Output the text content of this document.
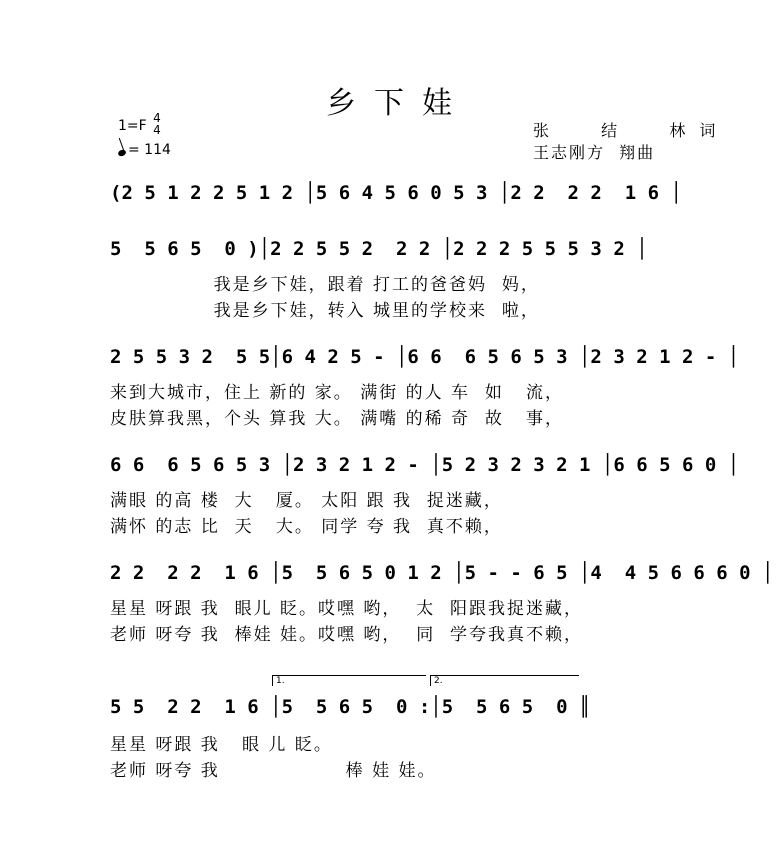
乡下娃
1=F 4
4
= 114
张  结  林词
王志刚方  翔曲
(2 5 1 2 2 5 1 2 │5 6 4 5 6 0 5 3 │2 2  2 2  1 6 │
5  5 6 5  0 )│2 2 5 5 2  2 2 │2 2 2 5 5 5 3 2 │
我是乡下娃，跟着 打工的爸爸妈  妈，
我是乡下娃，转入 城里的学校来  啦，
2 5 5 3 2  5 5│6 4 2 5 - │6 6  6 5 6 5 3 │2 3 2 1 2 - │
来到大城市，住上 新的 家。 满街 的人 车  如   流，
皮肤算我黑，个头 算我 大。 满嘴 的稀 奇  故   事，
6 6  6 5 6 5 3 │2 3 2 1 2 - │5 2 3 2 3 2 1 │6 6 5 6 0 │
满眼 的高 楼  大   厦。 太阳 跟 我  捉迷藏，
满怀 的志 比  天   大。 同学 夸 我  真不赖，
2 2  2 2  1 6 │5  5 6 5 0 1 2 │5 - - 6 5 │4  4 5 6 6 6 0 │
星星 呀跟 我  眼儿 眨。哎嘿 哟，  太  阳跟我捉迷藏，
老师 呀夸 我  棒娃 娃。哎嘿 哟，  同  学夸我真不赖，
1.	2.
5 5  2 2  1 6 │5  5 6 5  0 :│5  5 6 5  0 ║
星星 呀跟 我   眼 儿 眨。
老师 呀夸 我                 棒 娃 娃。
